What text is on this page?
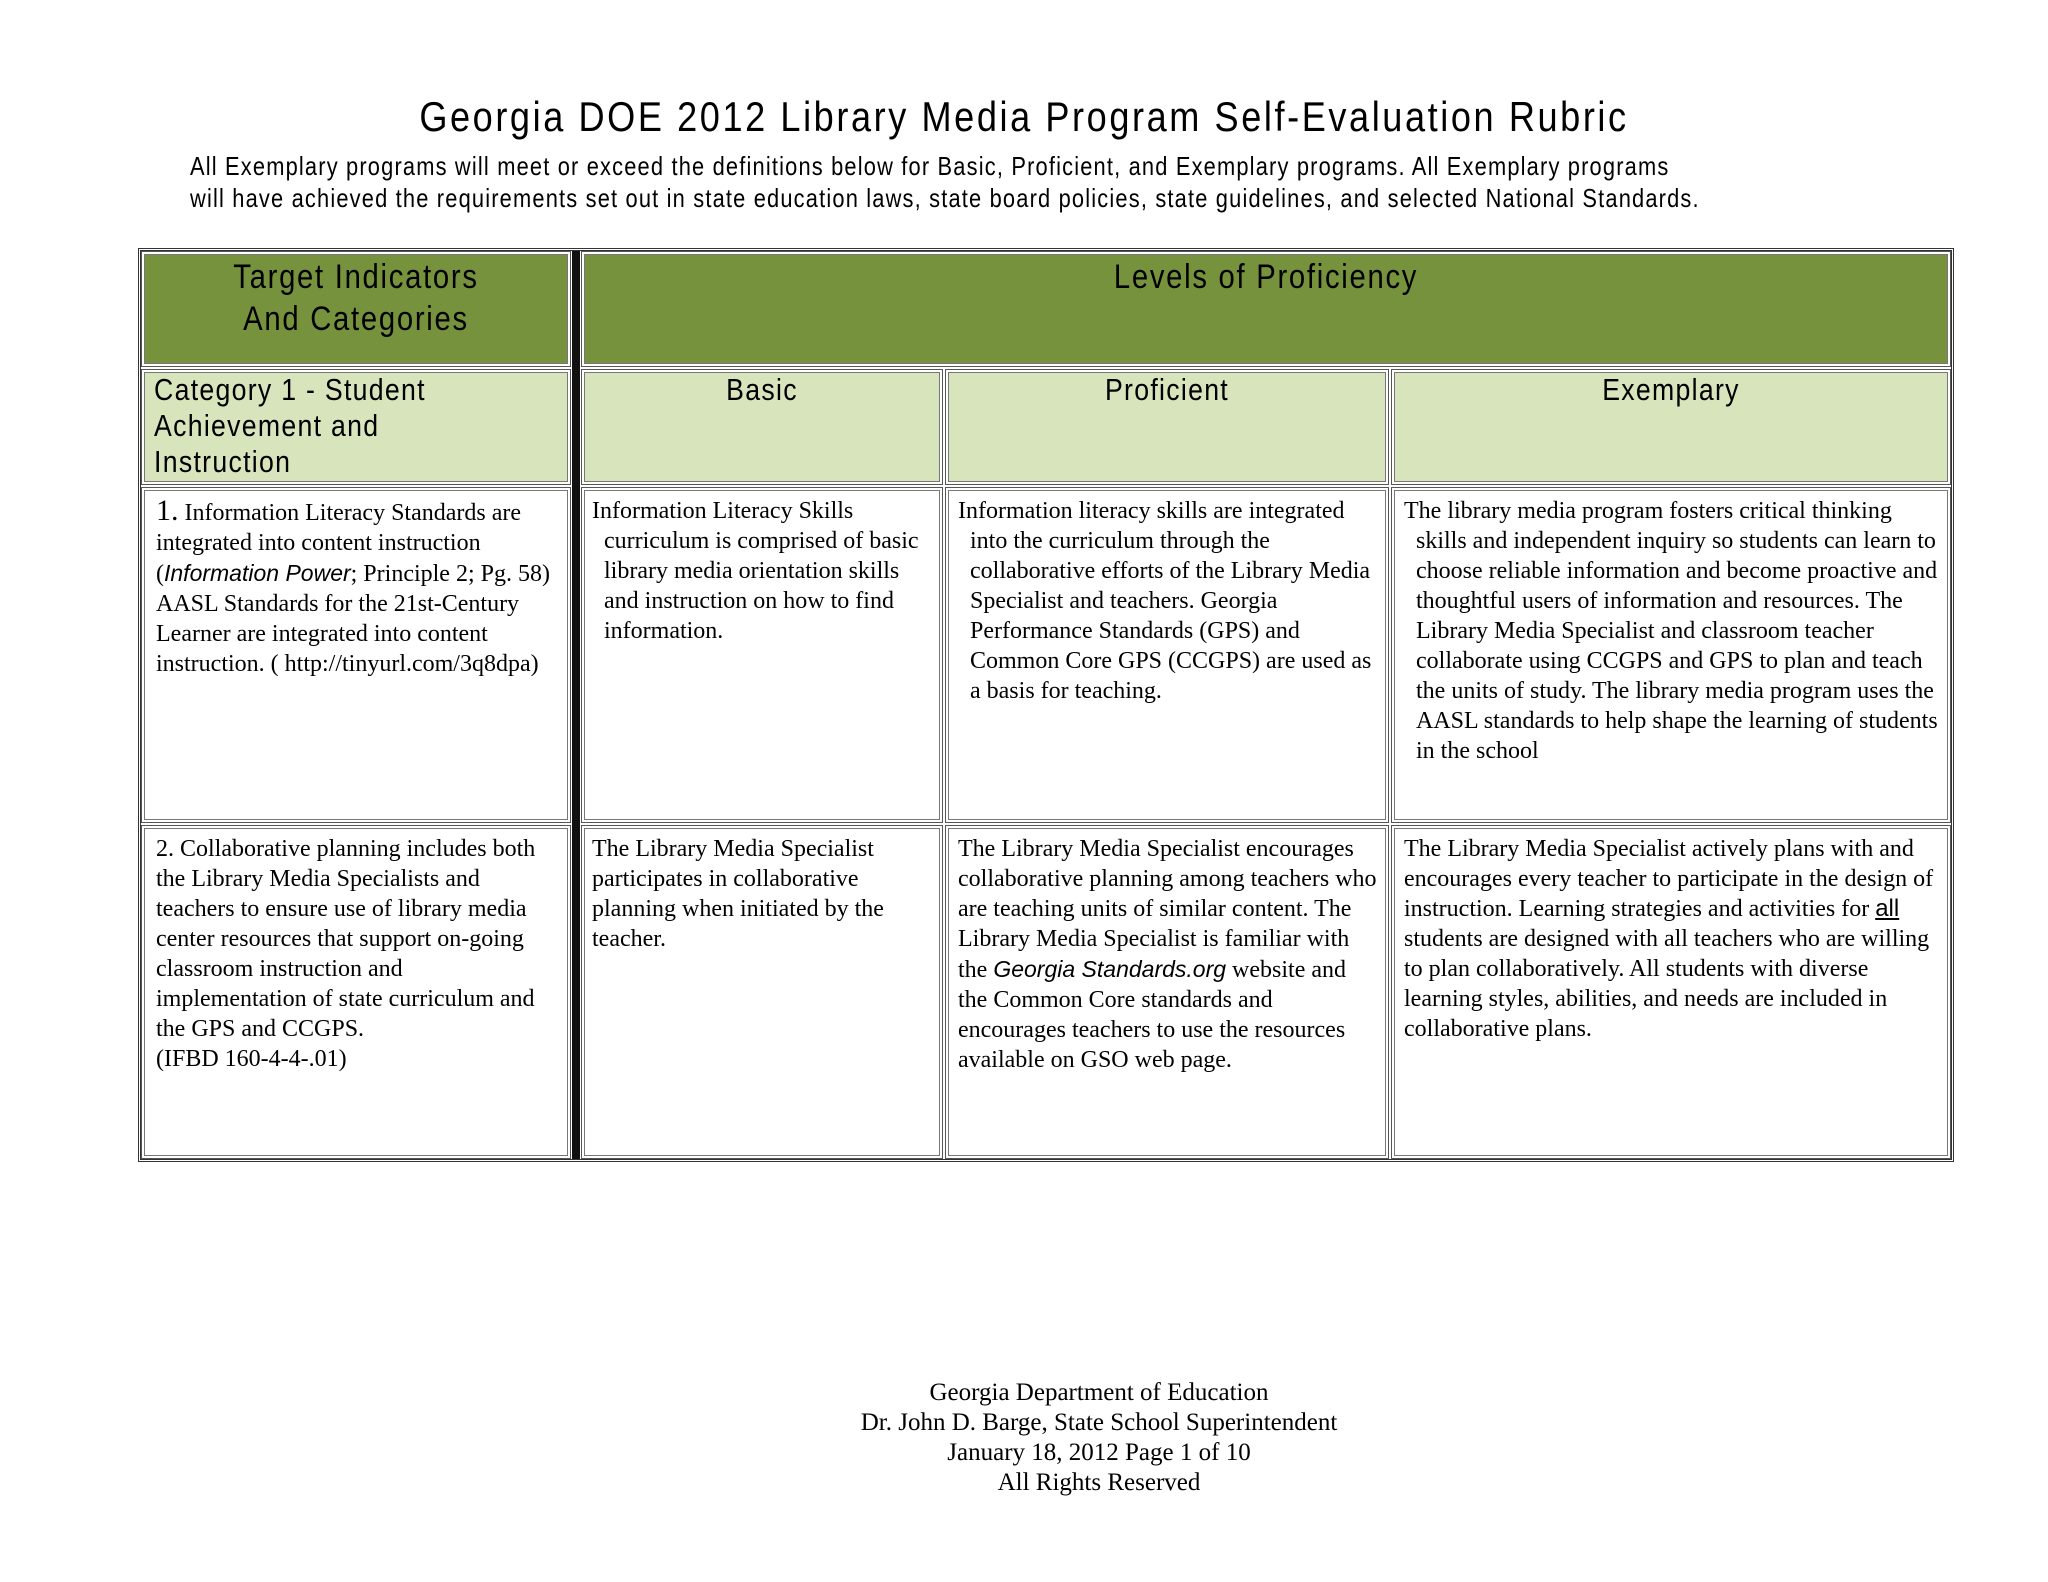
Georgia DOE 2012 Library Media Program Self-Evaluation Rubric
All Exemplary programs will meet or exceed the definitions below for Basic, Proficient, and Exemplary programs. All Exemplary programs
will have achieved the requirements set out in state education laws, state board policies, state guidelines, and selected National Standards.
Target Indicators
And Categories
Levels of Proficiency
Category 1 - Student
Achievement and Instruction
Basic	Proficient	Exemplary
1. Information Literacy Standards are integrated into content instruction (Information Power; Principle 2; Pg. 58)
AASL Standards for the 21st-Century Learner are integrated into content instruction. ( http://tinyurl.com/3q8dpa)
Information Literacy Skills curriculum is comprised of basic library media orientation skills and instruction on how to find information.
Information literacy skills are integrated into the curriculum through the collaborative efforts of the Library Media Specialist and teachers. Georgia Performance Standards (GPS) and Common Core GPS (CCGPS) are used as a basis for teaching.
The library media program fosters critical thinking skills and independent inquiry so students can learn to choose reliable information and become proactive and thoughtful users of information and resources. The Library Media Specialist and classroom teacher collaborate using CCGPS and GPS to plan and teach the units of study. The library media program uses the AASL standards to help shape the learning of students in the school
2. Collaborative planning includes both the Library Media Specialists and teachers to ensure use of library media center resources that support on-going classroom instruction and implementation of state curriculum and the GPS and CCGPS.
(IFBD 160-4-4-.01)
The Library Media Specialist participates in collaborative planning when initiated by the teacher.
The Library Media Specialist encourages collaborative planning among teachers who are teaching units of similar content. The Library Media Specialist is familiar with the Georgia Standards.org website and the Common Core standards and encourages teachers to use the resources available on GSO web page.
The Library Media Specialist actively plans with and encourages every teacher to participate in the design of instruction. Learning strategies and activities for all students are designed with all teachers who are willing to plan collaboratively. All students with diverse learning styles, abilities, and needs are included in collaborative plans.
Georgia Department of Education
Dr. John D. Barge, State School Superintendent
January 18, 2012 Page 1 of 10
All Rights Reserved
